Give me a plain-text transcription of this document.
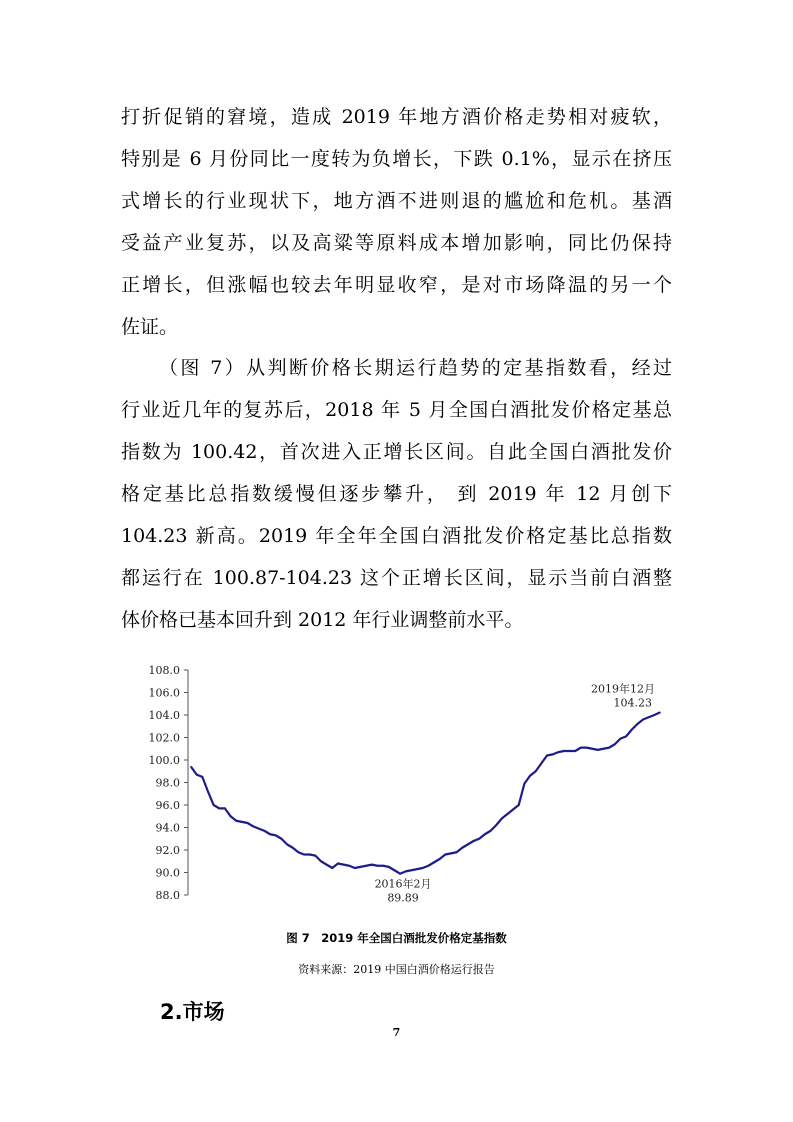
打折促销的窘境，造成 2019 年地方酒价格走势相对疲软，
特别是 6 月份同比一度转为负增长，下跌 0.1%，显示在挤压
式增长的行业现状下，地方酒不进则退的尴尬和危机。基酒
受益产业复苏，以及高粱等原料成本增加影响，同比仍保持
正增长，但涨幅也较去年明显收窄，是对市场降温的另一个
佐证。
（图 7）从判断价格长期运行趋势的定基指数看，经过
行业近几年的复苏后，2018 年 5 月全国白酒批发价格定基总
指数为 100.42，首次进入正增长区间。自此全国白酒批发价
格定基比总指数缓慢但逐步攀升， 到 2019 年 12 月创下
104.23 新高。2019 年全年全国白酒批发价格定基比总指数
都运行在 100.87-104.23 这个正增长区间，显示当前白酒整
体价格已基本回升到 2012 年行业调整前水平。
88.0
90.0
92.0
94.0
96.0
98.0
100.0
102.0
104.0
106.0
108.0
2016年2月
89.89
2019年12月
104.23
图 7　2019 年全国白酒批发价格定基指数
资料来源：2019 中国白酒价格运行报告
2.市场
7
